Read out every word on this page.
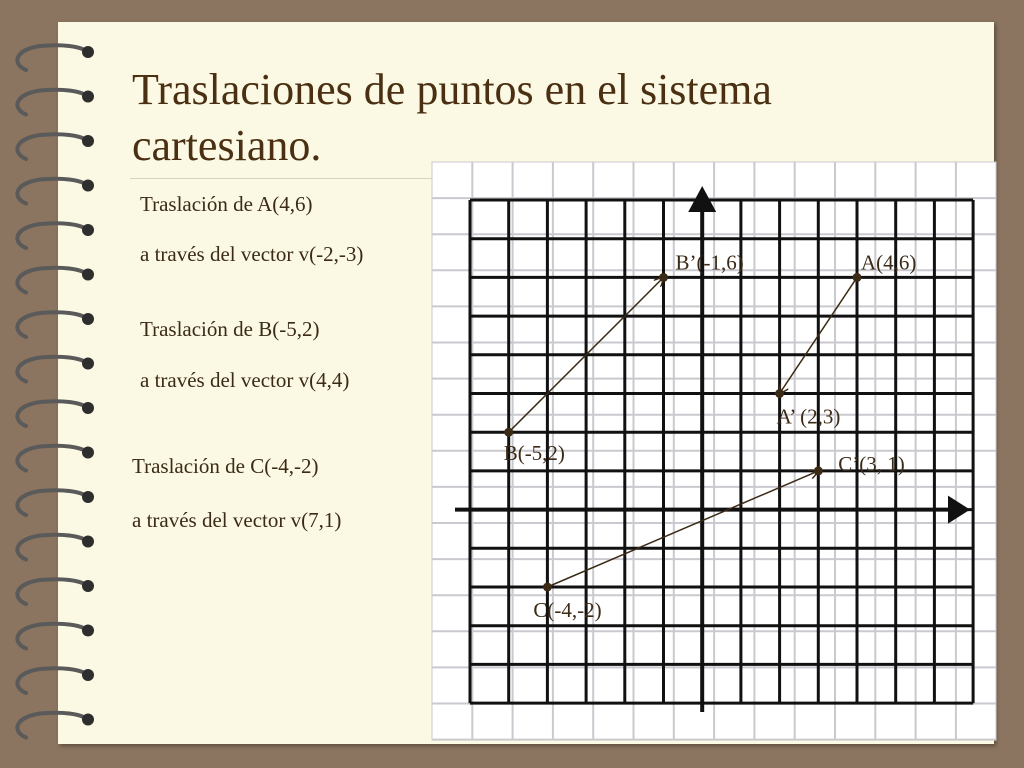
Traslaciones de puntos en el sistema cartesiano.
Traslación de A(4,6)
a través del vector v(-2,-3)
Traslación de B(-5,2)
a través del vector v(4,4)
Traslación de C(-4,-2)
a través del vector v(7,1)
A(4,6)
A’ (2,3)
B(-5,2)
B’(-1,6)
C(-4,-2)
C’(3, 1)
